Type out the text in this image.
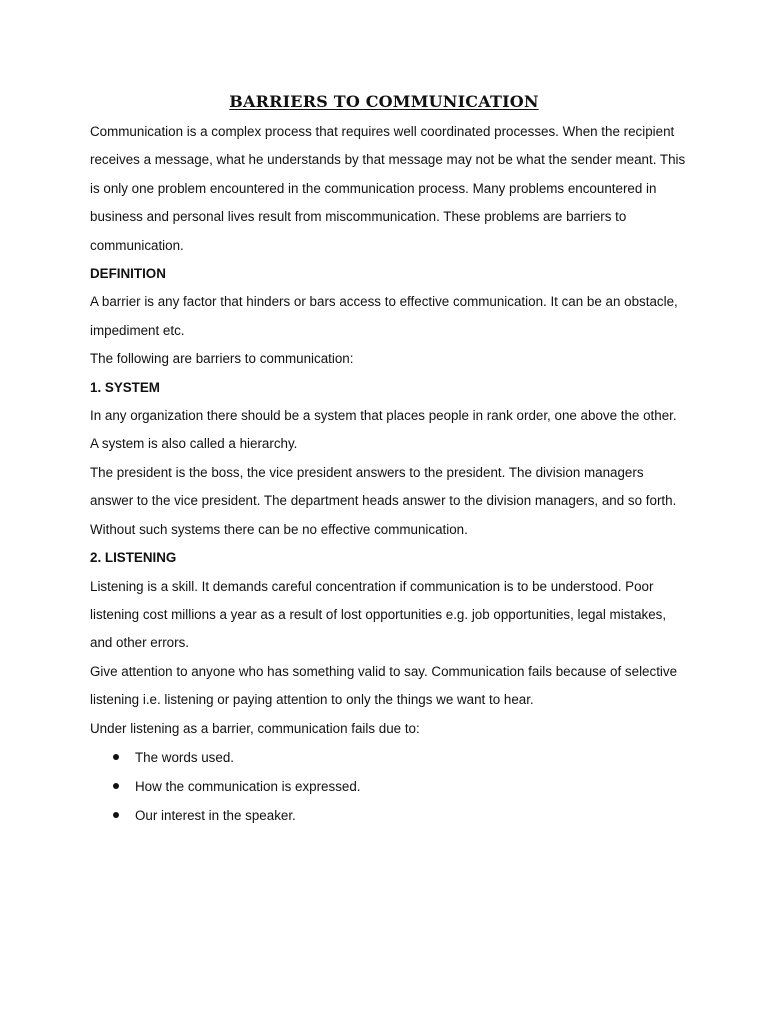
BARRIERS TO COMMUNICATION

Communication is a complex process that requires well coordinated processes. When the recipient receives a message, what he understands by that message may not be what the sender meant. This is only one problem encountered in the communication process. Many problems encountered in business and personal lives result from miscommunication. These problems are barriers to communication.

DEFINITION

A barrier is any factor that hinders or bars access to effective communication. It can be an obstacle, impediment etc.

The following are barriers to communication:

1. SYSTEM

In any organization there should be a system that places people in rank order, one above the other.

A system is also called a hierarchy.

The president is the boss, the vice president answers to the president. The division managers answer to the vice president. The department heads answer to the division managers, and so forth.

Without such systems there can be no effective communication.

2. LISTENING

Listening is a skill. It demands careful concentration if communication is to be understood. Poor listening cost millions a year as a result of lost opportunities e.g. job opportunities, legal mistakes, and other errors.

Give attention to anyone who has something valid to say. Communication fails because of selective listening i.e. listening or paying attention to only the things we want to hear.

Under listening as a barrier, communication fails due to:

The words used.
How the communication is expressed.
Our interest in the speaker.
